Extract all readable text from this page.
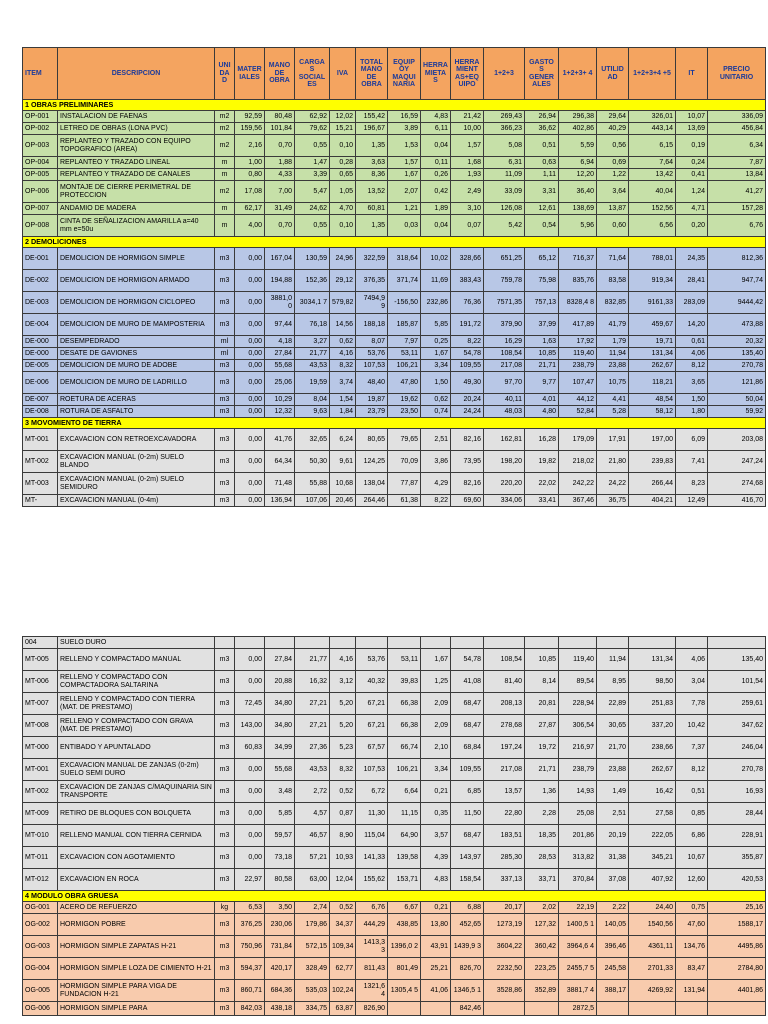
ITEM	DESCRIPCION	UNI DA D	MATER IALES	MANO DE OBRA	CARGA S SOCIAL ES	IVA	TOTAL MANO DE OBRA	EQUIP OY MAQUI NARIA	HERRA MIETA S	HERRA MIENT AS+EQ UIPO	1+2+3	GASTO S GENER ALES	1+2+3+ 4	UTILID AD	1+2+3+4 +5	IT	PRECIO UNITARIO
1 OBRAS PRELIMINARES																	
OP-001	INSTALACION DE FAENAS	m2	92,59	80,48	62,92	12,02	155,42	16,59	4,83	21,42	269,43	26,94	296,38	29,64	326,01	10,07	336,09
OP-002	LETREO DE OBRAS (LONA PVC)	m2	159,56	101,84	79,62	15,21	196,67	3,89	6,11	10,00	366,23	36,62	402,86	40,29	443,14	13,69	456,84
OP-003	REPLANTEO Y TRAZADO CON EQUIPO TOPOGRAFICO (AREA)	m2	2,16	0,70	0,55	0,10	1,35	1,53	0,04	1,57	5,08	0,51	5,59	0,56	6,15	0,19	6,34
OP-004	REPLANTEO Y TRAZADO LINEAL	m	1,00	1,88	1,47	0,28	3,63	1,57	0,11	1,68	6,31	0,63	6,94	0,69	7,64	0,24	7,87
OP-005	REPLANTEO Y TRAZADO DE CANALES	m	0,80	4,33	3,39	0,65	8,36	1,67	0,26	1,93	11,09	1,11	12,20	1,22	13,42	0,41	13,84
OP-006	MONTAJE DE CIERRE PERIMETRAL DE PROTECCION	m2	17,08	7,00	5,47	1,05	13,52	2,07	0,42	2,49	33,09	3,31	36,40	3,64	40,04	1,24	41,27
OP-007	ANDAMIO DE MADERA	m	62,17	31,49	24,62	4,70	60,81	1,21	1,89	3,10	126,08	12,61	138,69	13,87	152,56	4,71	157,28
OP-008	CINTA DE SEÑALIZACION AMARILLA a=40 mm e=50u	m	4,00	0,70	0,55	0,10	1,35	0,03	0,04	0,07	5,42	0,54	5,96	0,60	6,56	0,20	6,76
2 DEMOLICIONES																	
DE-001	DEMOLICION DE HORMIGON SIMPLE	m3	0,00	167,04	130,59	24,96	322,59	318,64	10,02	328,66	651,25	65,12	716,37	71,64	788,01	24,35	812,36
DE-002	DEMOLICION DE HORMIGON ARMADO	m3	0,00	194,88	152,36	29,12	376,35	371,74	11,69	383,43	759,78	75,98	835,76	83,58	919,34	28,41	947,74
DE-003	DEMOLICION DE HORMIGON CICLOPEO	m3	0,00	3881,0 0	3034,1 7	579,82	7494,9 9	-156,50	232,86	76,36	7571,35	757,13	8328,4 8	832,85	9161,33	283,09	9444,42
DE-004	DEMOLICION DE MURO DE MAMPOSTERIA	m3	0,00	97,44	76,18	14,56	188,18	185,87	5,85	191,72	379,90	37,99	417,89	41,79	459,67	14,20	473,88
DE-000	DESEMPEDRADO	ml	0,00	4,18	3,27	0,62	8,07	7,97	0,25	8,22	16,29	1,63	17,92	1,79	19,71	0,61	20,32
DE-000	DESATE DE GAVIONES	ml	0,00	27,84	21,77	4,16	53,76	53,11	1,67	54,78	108,54	10,85	119,40	11,94	131,34	4,06	135,40
DE-005	DEMOLICION DE MURO DE ADOBE	m3	0,00	55,68	43,53	8,32	107,53	106,21	3,34	109,55	217,08	21,71	238,79	23,88	262,67	8,12	270,78
DE-006	DEMOLICION DE MURO DE LADRILLO	m3	0,00	25,06	19,59	3,74	48,40	47,80	1,50	49,30	97,70	9,77	107,47	10,75	118,21	3,65	121,86
DE-007	ROETURA DE ACERAS	m3	0,00	10,29	8,04	1,54	19,87	19,62	0,62	20,24	40,11	4,01	44,12	4,41	48,54	1,50	50,04
DE-008	ROTURA DE ASFALTO	m3	0,00	12,32	9,63	1,84	23,79	23,50	0,74	24,24	48,03	4,80	52,84	5,28	58,12	1,80	59,92
3 MOVOMIENTO DE TIERRA																	
MT-001	EXCAVACION CON RETROEXCAVADORA	m3	0,00	41,76	32,65	6,24	80,65	79,65	2,51	82,16	162,81	16,28	179,09	17,91	197,00	6,09	203,08
MT-002	EXCAVACION MANUAL (0-2m) SUELO BLANDO	m3	0,00	64,34	50,30	9,61	124,25	70,09	3,86	73,95	198,20	19,82	218,02	21,80	239,83	7,41	247,24
MT-003	EXCAVACION MANUAL (0-2m) SUELO SEMIDURO	m3	0,00	71,48	55,88	10,68	138,04	77,87	4,29	82,16	220,20	22,02	242,22	24,22	266,44	8,23	274,68
MT-	EXCAVACION MANUAL (0-4m)	m3	0,00	136,94	107,06	20,46	264,46	61,38	8,22	69,60	334,06	33,41	367,46	36,75	404,21	12,49	416,70
004	SUELO DURO																
MT-005	RELLENO Y COMPACTADO MANUAL	m3	0,00	27,84	21,77	4,16	53,76	53,11	1,67	54,78	108,54	10,85	119,40	11,94	131,34	4,06	135,40
MT-006	RELLENO Y COMPACTADO CON COMPACTADORA SALTARINA	m3	0,00	20,88	16,32	3,12	40,32	39,83	1,25	41,08	81,40	8,14	89,54	8,95	98,50	3,04	101,54
MT-007	RELLENO Y COMPACTADO CON TIERRA (MAT. DE PRESTAMO)	m3	72,45	34,80	27,21	5,20	67,21	66,38	2,09	68,47	208,13	20,81	228,94	22,89	251,83	7,78	259,61
MT-008	RELLENO Y COMPACTADO CON GRAVA (MAT. DE PRESTAMO)	m3	143,00	34,80	27,21	5,20	67,21	66,38	2,09	68,47	278,68	27,87	306,54	30,65	337,20	10,42	347,62
MT-000	ENTIBADO Y APUNTALADO	m3	60,83	34,99	27,36	5,23	67,57	66,74	2,10	68,84	197,24	19,72	216,97	21,70	238,66	7,37	246,04
MT-001	EXCAVACION MANUAL DE ZANJAS (0-2m) SUELO SEMI DURO	m3	0,00	55,68	43,53	8,32	107,53	106,21	3,34	109,55	217,08	21,71	238,79	23,88	262,67	8,12	270,78
MT-002	EXCAVACION DE ZANJAS C/MAQUINARIA SIN TRANSPORTE	m3	0,00	3,48	2,72	0,52	6,72	6,64	0,21	6,85	13,57	1,36	14,93	1,49	16,42	0,51	16,93
MT-009	RETIRO DE BLOQUES CON BOLQUETA	m3	0,00	5,85	4,57	0,87	11,30	11,15	0,35	11,50	22,80	2,28	25,08	2,51	27,58	0,85	28,44
MT-010	RELLENO MANUAL CON TIERRA CERNIDA	m3	0,00	59,57	46,57	8,90	115,04	64,90	3,57	68,47	183,51	18,35	201,86	20,19	222,05	6,86	228,91
MT-011	EXCAVACION CON AGOTAMIENTO	m3	0,00	73,18	57,21	10,93	141,33	139,58	4,39	143,97	285,30	28,53	313,82	31,38	345,21	10,67	355,87
MT-012	EXCAVACION EN ROCA	m3	22,97	80,58	63,00	12,04	155,62	153,71	4,83	158,54	337,13	33,71	370,84	37,08	407,92	12,60	420,53
4 MODULO OBRA GRUESA																	
OG-001	ACERO DE REFUERZO	kg	6,53	3,50	2,74	0,52	6,76	6,67	0,21	6,88	20,17	2,02	22,19	2,22	24,40	0,75	25,16
OG-002	HORMIGON POBRE	m3	376,25	230,06	179,86	34,37	444,29	438,85	13,80	452,65	1273,19	127,32	1400,5 1	140,05	1540,56	47,60	1588,17
OG-003	HORMIGON SIMPLE ZAPATAS H-21	m3	750,96	731,84	572,15	109,34	1413,3 3	1396,0 2	43,91	1439,9 3	3604,22	360,42	3964,6 4	396,46	4361,11	134,76	4495,86
OG-004	HORMIGON SIMPLE LOZA DE CIMIENTO H-21	m3	594,37	420,17	328,49	62,77	811,43	801,49	25,21	826,70	2232,50	223,25	2455,7 5	245,58	2701,33	83,47	2784,80
OG-005	HORMIGON SIMPLE PARA VIGA DE FUNDACION H-21	m3	860,71	684,36	535,03	102,24	1321,6 4	1305,4 5	41,06	1346,5 1	3528,86	352,89	3881,7 4	388,17	4269,92	131,94	4401,86
OG-006	HORMIGON SIMPLE PARA	m3	842,03	438,18	334,75	63,87	826,90			842,46			2872,5				
